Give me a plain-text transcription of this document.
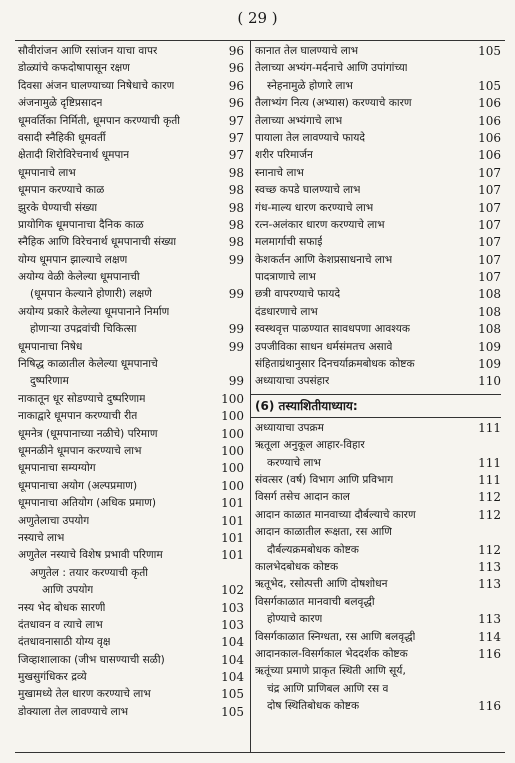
( 29 )
सौवीरांजन आणि रसांजन याचा वापर	96
डोळ्यांचे कफदोषापासून रक्षण	96
दिवसा अंजन घालण्याच्या निषेधाचे कारण	96
अंजनामुळे दृष्टिप्रसादन	96
धूमवर्तिका निर्मिती, धूमपान करण्याची कृती	97
वसादी स्नैहिकी धूमवर्ती	97
क्षेतादी शिरोविरेचनार्थ धूमपान	97
धूमपानाचे लाभ	98
धूमपान करण्याचे काळ	98
झुरके घेण्याची संख्या	98
प्रायोगिक धूमपानाचा दैनिक काळ	98
स्नैहिक आणि विरेचनार्थ धूमपानाची संख्या	98
योग्य धूमपान झाल्याचे लक्षण	99
अयोग्य वेळी केलेल्या धूमपानाची
(धूमपान केल्याने होणारी) लक्षणे	99
अयोग्य प्रकारे केलेल्या धूमपानाने निर्माण
होणाऱ्या उपद्रवांची चिकित्सा	99
धूमपानाचा निषेध	99
निषिद्ध काळातील केलेल्या धूमपानाचे
दुष्परिणाम	99
नाकातून धूर सोडण्याचे दुष्परिणाम	100
नाकाद्वारे धूमपान करण्याची रीत	100
धूमनेत्र (धूमपानाच्या नळीचे) परिमाण	100
धूमनळीने धूमपान करण्याचे लाभ	100
धूमपानाचा सम्यग्योग	100
धूमपानाचा अयोग (अल्पप्रमाण)	100
धूमपानाचा अतियोग (अधिक प्रमाण)	101
अणुतेलाचा उपयोग	101
नस्याचे लाभ	101
अणुतेल नस्याचे विशेष प्रभावी परिणाम	101
अणुतेल : तयार करण्याची कृती
आणि उपयोग	102
नस्य भेद बोधक सारणी	103
दंतधावन व त्याचे लाभ	103
दंतधावनासाठी योग्य वृक्ष	104
जिव्हाशालाका (जीभ घासण्याची सळी)	104
मुखसुगंधिकर द्रव्ये	104
मुखामध्ये तेल धारण करण्याचे लाभ	105
डोक्याला तेल लावण्याचे लाभ	105
कानात तेल घालण्याचे लाभ	105
तेलाच्या अभ्यंग-मर्दनाचे आणि उपांगांच्या
स्नेहनामुळे होणारे लाभ	105
तैलाभ्यंग नित्य (अभ्यास) करण्याचे कारण	106
तेलाच्या अभ्यंगाचे लाभ	106
पायाला तेल लावण्याचे फायदे	106
शरीर परिमार्जन	106
स्नानाचे लाभ	107
स्वच्छ कपडे घालण्याचे लाभ	107
गंध-माल्य धारण करण्याचे लाभ	107
रत्न-अलंकार धारण करण्याचे लाभ	107
मलमार्गाची सफाई	107
केशकर्तन आणि केशप्रसाधनाचे लाभ	107
पादत्राणाचे लाभ	107
छत्री वापरण्याचे फायदे	108
दंडधारणाचे लाभ	108
स्वस्थवृत्त पाळण्यात सावधपणा आवश्यक	108
उपजीविका साधन धर्मसंमतच असावे	109
संहिताग्रंथानुसार दिनचर्याक्रमबोधक कोष्टक	109
अध्यायाचा उपसंहार	110
(6) तस्याशितीयाध्याय:
अध्यायाचा उपक्रम	111
ऋतूला अनुकूल आहार-विहार
करण्याचे लाभ	111
संवत्सर (वर्ष) विभाग आणि प्रविभाग	111
विसर्ग तसेच आदान काल	112
आदान काळात मानवाच्या दौर्बल्याचे कारण	112
आदान काळातील रूक्षता, रस आणि
दौर्बल्यक्रमबोधक कोष्टक	112
कालभेदबोधक कोष्टक	113
ऋतूभेद, रसोत्पत्ती आणि दोषशोधन	113
विसर्गकाळात मानवाची बलवृद्धी
होण्याचे कारण	113
विसर्गकाळात स्निग्धता, रस आणि बलवृद्धी	114
आदानकाल-विसर्गकाल भेददर्शक कोष्टक	116
ऋतूंच्या प्रमाणे प्राकृत स्थिती आणि सूर्य,
चंद्र आणि प्राणिबल आणि रस व
दोष स्थितिबोधक कोष्टक	116
